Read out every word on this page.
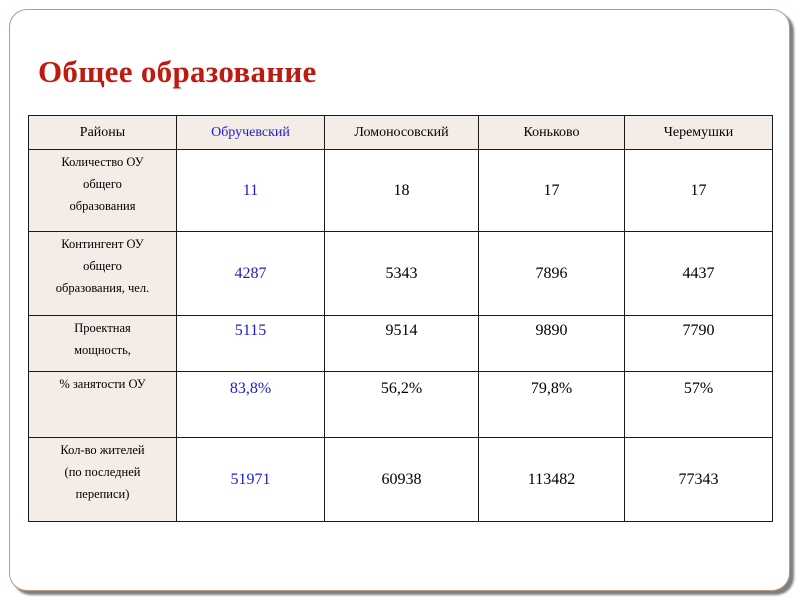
Общее образование
Районы	Обручевский	Ломоносовский	Коньково	Черемушки

Количество ОУ
общего
образования	11	18	17	17

Контингент ОУ
общего
образования, чел.	4287	5343	7896	4437

Проектная
мощность,	5115	9514	9890	7790

% занятости ОУ	83,8%	56,2%	79,8%	57%

Кол-во жителей
(по последней
переписи)	51971	60938	113482	77343
